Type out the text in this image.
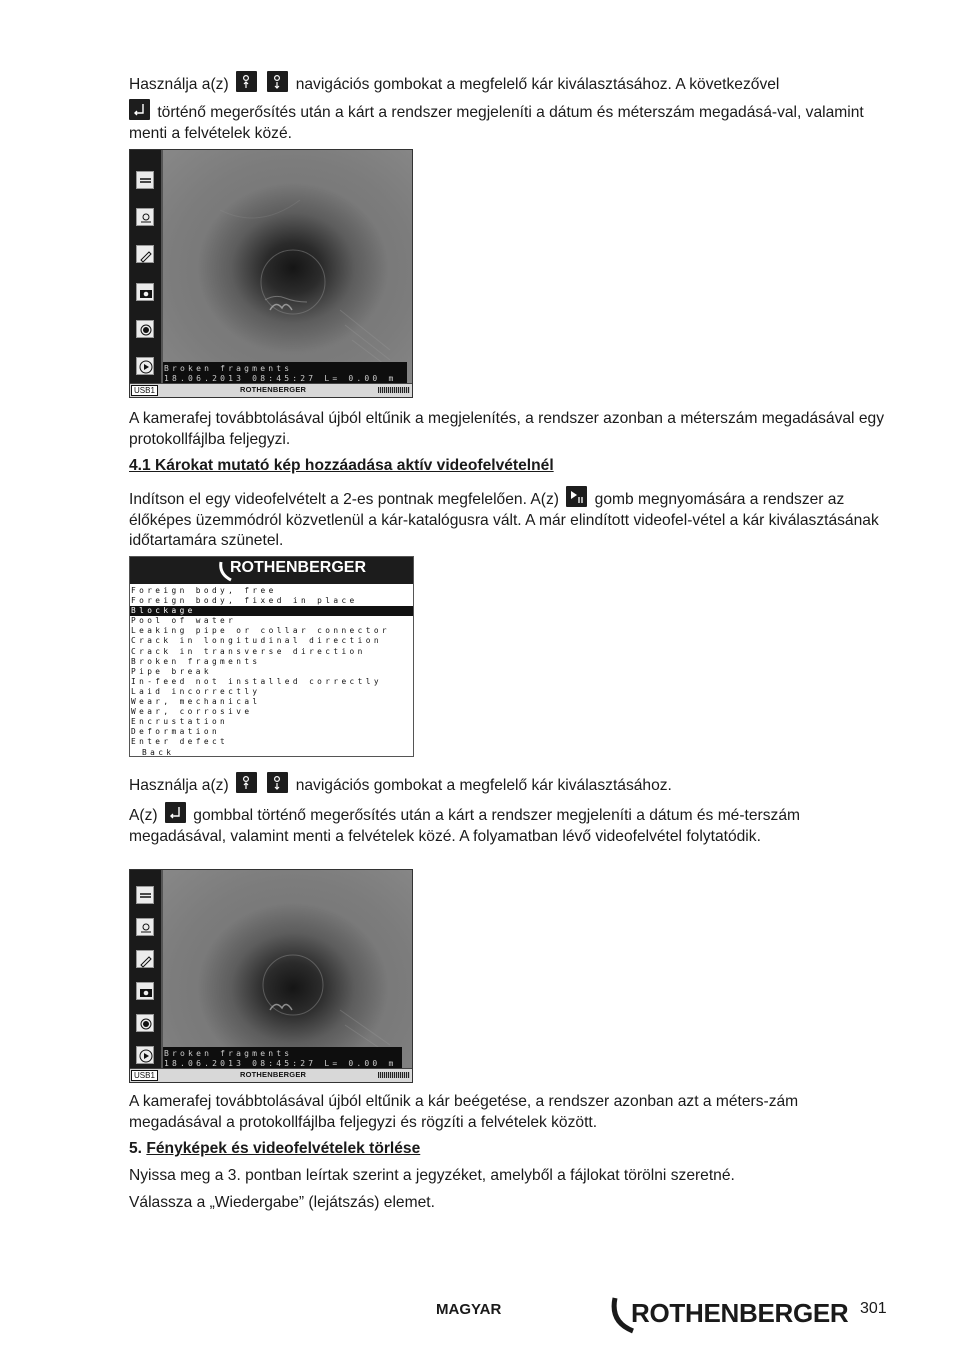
Használja a(z)
	navigációs gombokat a megfelelő kár kiválasztásához. A következővel

történő megerősítés után a kárt a rendszer megjeleníti a dátum és méterszám megadásá-val, valamint menti a felvételek közé.

Broken fragments
18.06.2013 08:45:27 L= 0.00 m
USB1	ROTHENBERGER

A kamerafej továbbtolásával újból eltűnik a megjelenítés, a rendszer azonban a méterszám megadásával egy protokollfájlba feljegyzi.

4.1 Károkat mutató kép hozzáadása aktív videofelvételnél

Indítson el egy videofelvételt a 2-es pontnak megfelelően. A(z) gomb megnyomására a rendszer az élőképes üzemmódról közvetlenül a kár-katalógusra vált. A már elindított videofel-vétel a kár kiválasztásának időtartamára szünetel.

ROTHENBERGER
Foreign body, free
Foreign body, fixed in place
Blockage
Pool of water
Leaking pipe or collar connector
Crack in longitudinal direction
Crack in transverse direction
Broken fragments
Pipe break
In-feed not installed correctly
Laid incorrectly
Wear, mechanical
Wear, corrosive
Encrustation
Deformation
Enter defect
Back

Használja a(z)
	navigációs gombokat a megfelelő kár kiválasztásához.

A(z) gombbal történő megerősítés után a kárt a rendszer megjeleníti a dátum és mé-terszám megadásával, valamint menti a felvételek közé. A folyamatban lévő videofelvétel folytatódik.

Broken fragments
18.06.2013 08:45:27 L= 0.00 m
USB1	ROTHENBERGER

A kamerafej továbbtolásával újból eltűnik a kár beégetése, a rendszer azonban azt a méters-zám megadásával a protokollfájlba feljegyzi és rögzíti a felvételek között.

5. Fényképek és videofelvételek törlése

Nyissa meg a 3. pontban leírtak szerint a jegyzéket, amelyből a fájlokat törölni szeretné.

Válassza a „Wiedergabe” (lejátszás) elemet.

MAGYAR	ROTHENBERGER 301
